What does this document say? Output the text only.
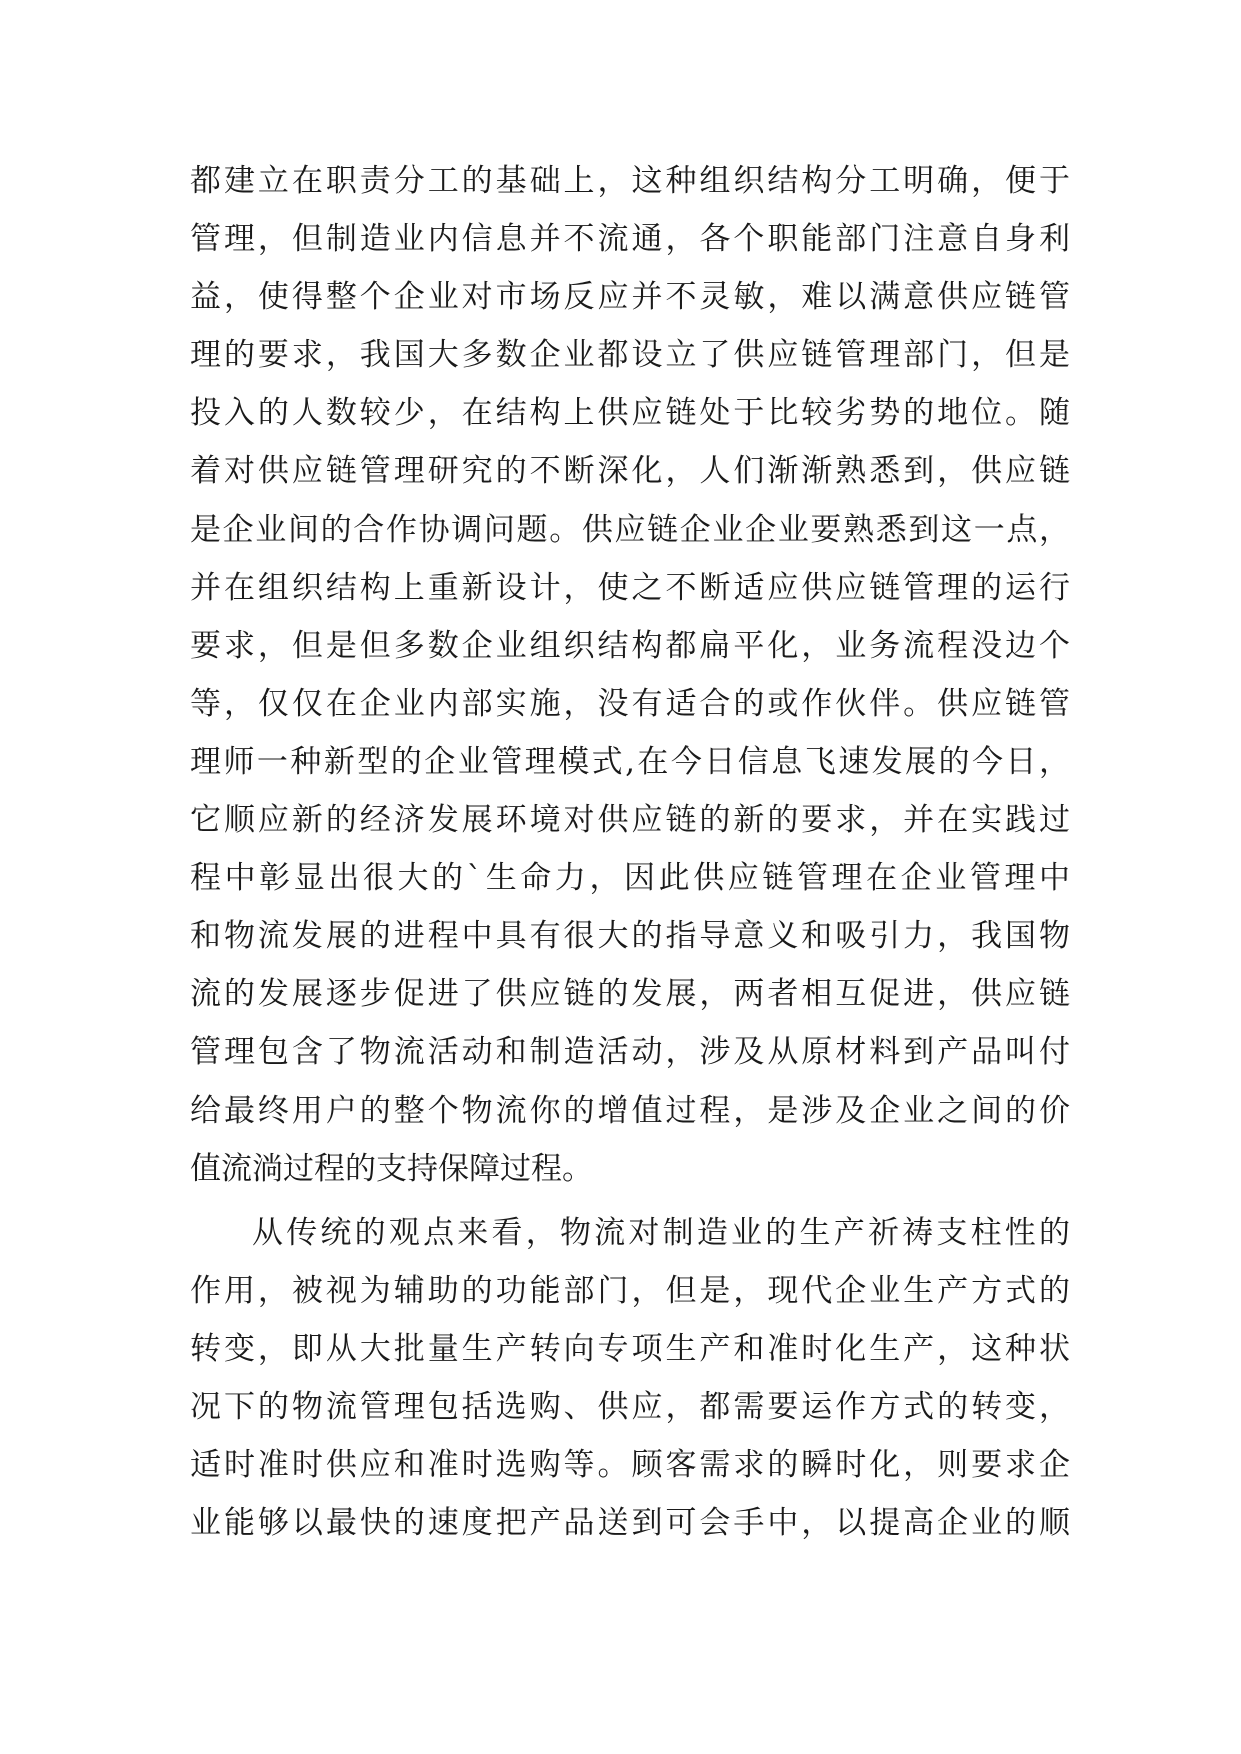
都建立在职责分工的基础上，这种组织结构分工明确，便于
管理，但制造业内信息并不流通，各个职能部门注意自身利
益，使得整个企业对市场反应并不灵敏，难以满意供应链管
理的要求，我国大多数企业都设立了供应链管理部门，但是
投入的人数较少，在结构上供应链处于比较劣势的地位。随
着对供应链管理研究的不断深化，人们渐渐熟悉到，供应链
是企业间的合作协调问题。供应链企业企业要熟悉到这一点，
并在组织结构上重新设计，使之不断适应供应链管理的运行
要求，但是但多数企业组织结构都扁平化，业务流程没边个
等，仅仅在企业内部实施，没有适合的或作伙伴。供应链管
理师一种新型的企业管理模式,在今日信息飞速发展的今日，
它顺应新的经济发展环境对供应链的新的要求，并在实践过
程中彰显出很大的`生命力，因此供应链管理在企业管理中
和物流发展的进程中具有很大的指导意义和吸引力，我国物
流的发展逐步促进了供应链的发展，两者相互促进，供应链
管理包含了物流活动和制造活动，涉及从原材料到产品叫付
给最终用户的整个物流你的增值过程，是涉及企业之间的价
值流淌过程的支持保障过程。
从传统的观点来看，物流对制造业的生产祈祷支柱性的
作用，被视为辅助的功能部门，但是，现代企业生产方式的
转变，即从大批量生产转向专项生产和准时化生产，这种状
况下的物流管理包括选购、供应，都需要运作方式的转变，
适时准时供应和准时选购等。顾客需求的瞬时化，则要求企
业能够以最快的速度把产品送到可会手中，以提高企业的顺
